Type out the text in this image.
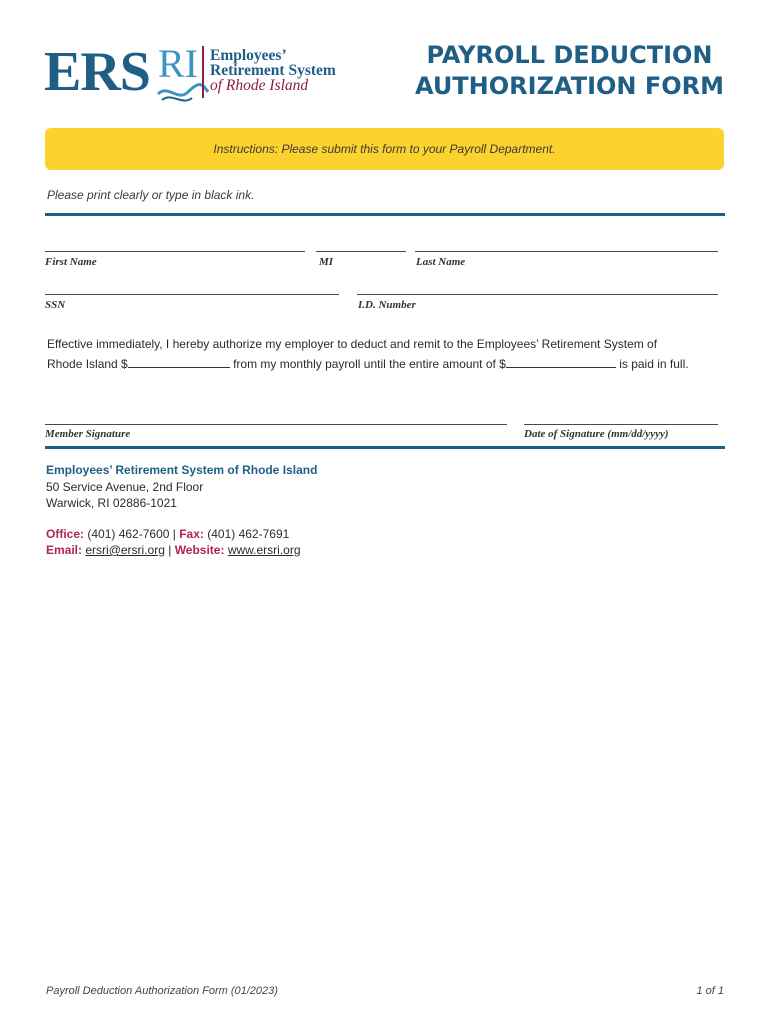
ERS RI Employees’
Retirement System
of Rhode Island
PAYROLL DEDUCTION
AUTHORIZATION FORM
Instructions: Please submit this form to your Payroll Department.
Please print clearly or type in black ink.
First Name	MI	Last Name
SSN	I.D. Number
Effective immediately, I hereby authorize my employer to deduct and remit to the Employees’ Retirement System of
Rhode Island $	from my monthly payroll until the entire amount of $	is paid in full.
Member Signature	Date of Signature (mm/dd/yyyy)
Employees’ Retirement System of Rhode Island
50 Service Avenue, 2nd Floor
Warwick, RI 02886-1021
Office: (401) 462-7600 | Fax: (401) 462-7691
Email: ersri@ersri.org | Website: www.ersri.org
Payroll Deduction Authorization Form (01/2023)	1 of 1
